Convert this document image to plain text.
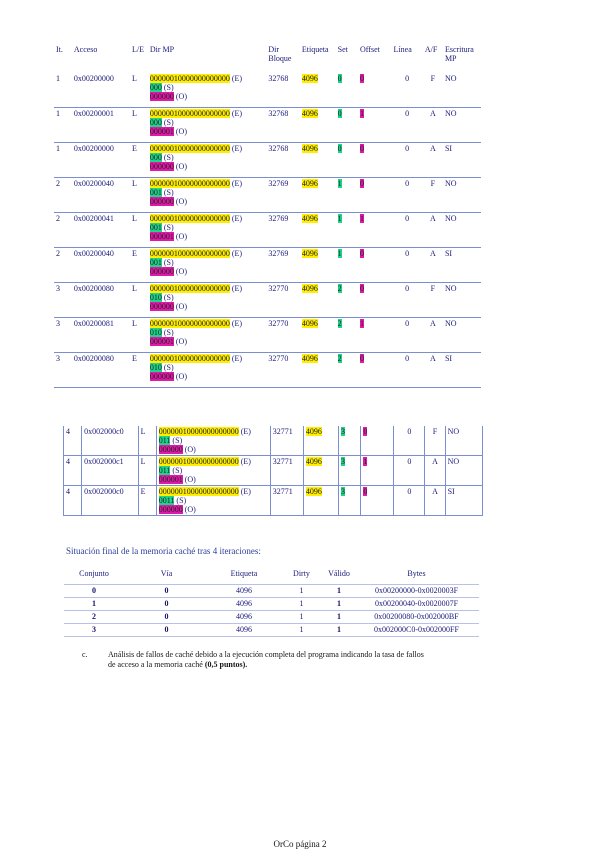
It.	Acceso	L/E	Dir MP	Dir Bloque	Etiqueta	Set	Offset	Línea	A/F	Escritura MP
1	0x00200000	L	00000010000000000000 (E)
000 (S)
000000 (O)	32768	4096	0	0	0	F	NO
1	0x00200001	L	00000010000000000000 (E)
000 (S)
000001 (O)	32768	4096	0	1	0	A	NO
1	0x00200000	E	00000010000000000000 (E)
000 (S)
000000 (O)	32768	4096	0	0	0	A	SI
2	0x00200040	L	00000010000000000000 (E)
001 (S)
000000 (O)	32769	4096	1	0	0	F	NO
2	0x00200041	L	00000010000000000000 (E)
001 (S)
000001 (O)	32769	4096	1	1	0	A	NO
2	0x00200040	E	00000010000000000000 (E)
001 (S)
000000 (O)	32769	4096	1	0	0	A	SI
3	0x00200080	L	00000010000000000000 (E)
010 (S)
000000 (O)	32770	4096	2	0	0	F	NO
3	0x00200081	L	00000010000000000000 (E)
010 (S)
000001 (O)	32770	4096	2	1	0	A	NO
3	0x00200080	E	00000010000000000000 (E)
010 (S)
000000 (O)	32770	4096	2	0	0	A	SI
4	0x002000c0	L	00000010000000000000 (E)
011 (S)
000000 (O)	32771	4096	3	0	0	F	NO
4	0x002000c1	L	00000010000000000000 (E)
011 (S)
000001 (O)	32771	4096	3	1	0	A	NO
4	0x002000c0	E	00000010000000000000 (E)
0011 (S)
000000 (O)	32771	4096	3	0	0	A	SI
Situación final de la memoria caché tras 4 iteraciones:
Conjunto	Vía	Etiqueta	Dirty	Válido	Bytes
0	0	4096	1	1	0x00200000-0x0020003F
1	0	4096	1	1	0x00200040-0x0020007F
2	0	4096	1	1	0x00200080-0x002000BF
3	0	4096	1	1	0x002000C0-0x002000FF
c.	Análisis de fallos de caché debido a la ejecución completa del programa indicando la tasa de fallos de acceso a la memoria caché (0,5 puntos).
OrCo página 2
